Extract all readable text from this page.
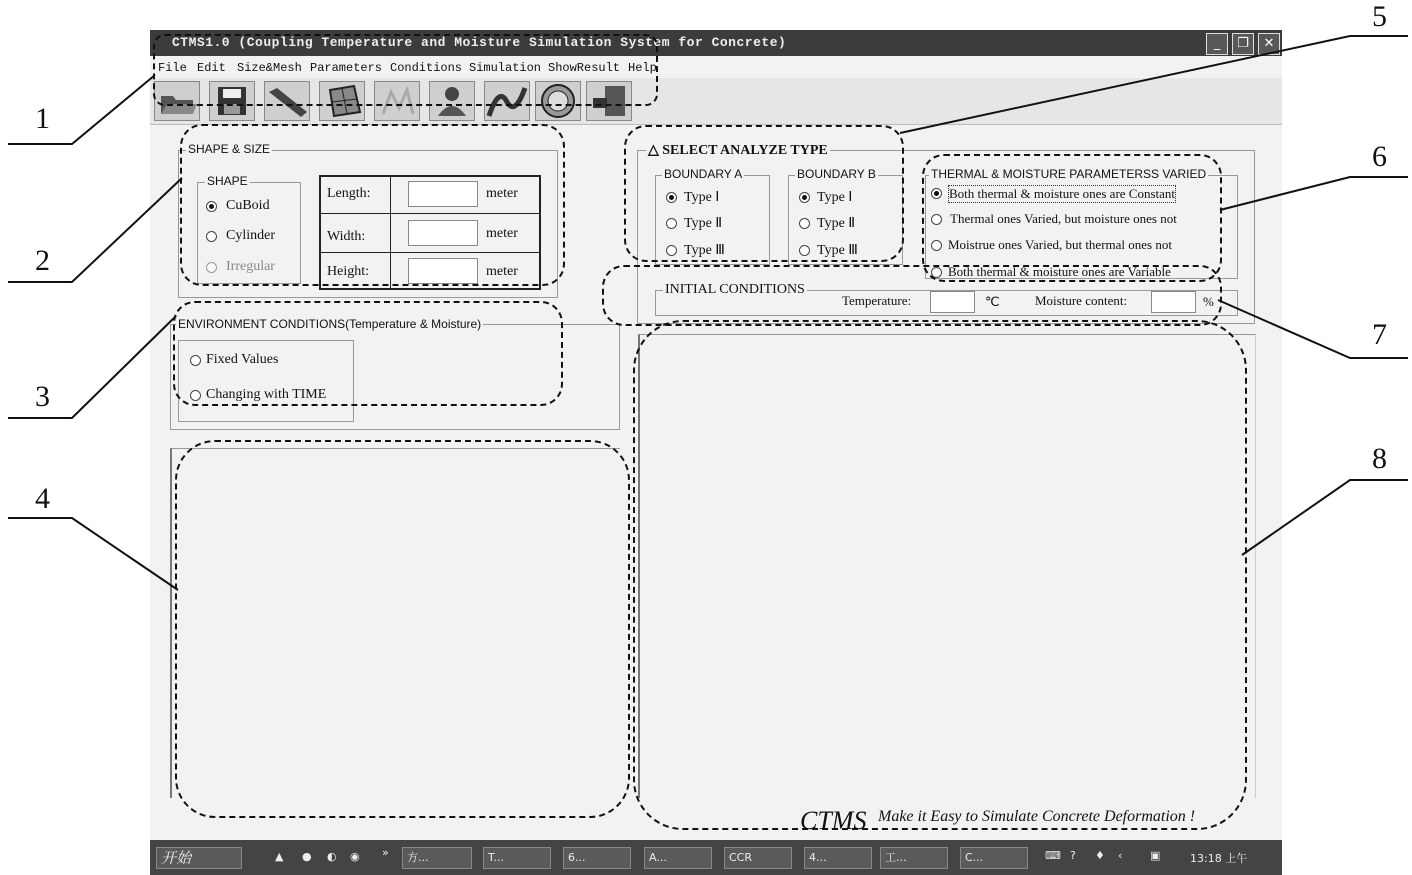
CTMS1.0 (Coupling Temperature and Moisture Simulation System for Concrete)	_	❐	✕
File Edit Size&Mesh Parameters Conditions Simulation ShowResult Help
SHAPE & SIZE
SHAPE
CuBoid
Cylinder
Irregular
Length:	meter
Width:	meter
Height:	meter
ENVIRONMENT CONDITIONS(Temperature & Moisture)
Fixed Values
Changing with TIME
△ SELECT ANALYZE TYPE
BOUNDARY A
Type Ⅰ
Type Ⅱ
Type Ⅲ
BOUNDARY B
Type Ⅰ
Type Ⅱ
Type Ⅲ
THERMAL & MOISTURE PARAMETERSS VARIED
Both thermal & moisture ones are Constant
Thermal ones Varied, but moisture ones not
Moistrue ones Varied, but thermal ones not
Both thermal & moisture ones are Variable
INITIAL CONDITIONS
Temperature:	℃	Moisture content:	%
CTMS Make it Easy to Simulate Concrete Deformation !
开始	▲ ● ◐ ◉ »	方...	T...	6...	A...	CCR	4...	工...	C...	⌨ ? ♦ ‹	▣	13:18 上午
1
2
3
4
5
6
7
8
